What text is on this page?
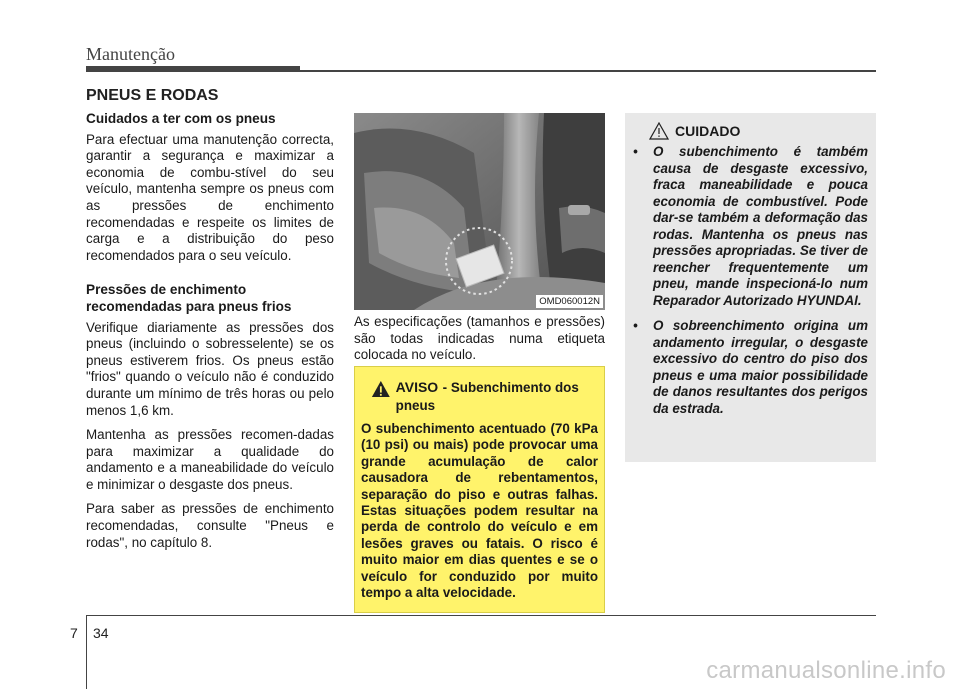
Manutenção
PNEUS E RODAS
Cuidados a ter com os pneus

Para efectuar uma manutenção correcta, garantir a segurança e maximizar a economia de combu-stível do seu veículo, mantenha sempre os pneus com as pressões de enchimento recomendadas e respeite os limites de carga e a distribuição do peso recomendados para o seu veículo.

Pressões de enchimento recomendadas para pneus frios

Verifique diariamente as pressões dos pneus (incluindo o sobresselente) se os pneus estiverem frios. Os pneus estão "frios" quando o veículo não é conduzido durante um mínimo de três horas ou pelo menos 1,6 km.

Mantenha as pressões recomen-dadas para maximizar a qualidade do andamento e a maneabilidade do veículo e minimizar o desgaste dos pneus.

Para saber as pressões de enchimento recomendadas, consulte "Pneus e rodas", no capítulo 8.

OMD060012N

As especificações (tamanhos e pressões) são todas indicadas numa etiqueta colocada no veículo.

AVISO - Subenchimento dos pneus

O subenchimento acentuado (70 kPa (10 psi) ou mais) pode provocar uma grande acumulação de calor causadora de rebentamentos, separação do piso e outras falhas. Estas situações podem resultar na perda de controlo do veículo e em lesões graves ou fatais. O risco é muito maior em dias quentes e se o veículo for conduzido por muito tempo a alta velocidade.

CUIDADO
• O subenchimento é também causa de desgaste excessivo, fraca maneabilidade e pouca economia de combustível. Pode dar-se também a deformação das rodas. Mantenha os pneus nas pressões apropriadas. Se tiver de reencher frequentemente um pneu, mande inspecioná-lo num Reparador Autorizado HYUNDAI.
• O sobreenchimento origina um andamento irregular, o desgaste excessivo do centro do piso dos pneus e uma maior possibilidade de danos resultantes dos perigos da estrada.
7 34
carmanualsonline.info
